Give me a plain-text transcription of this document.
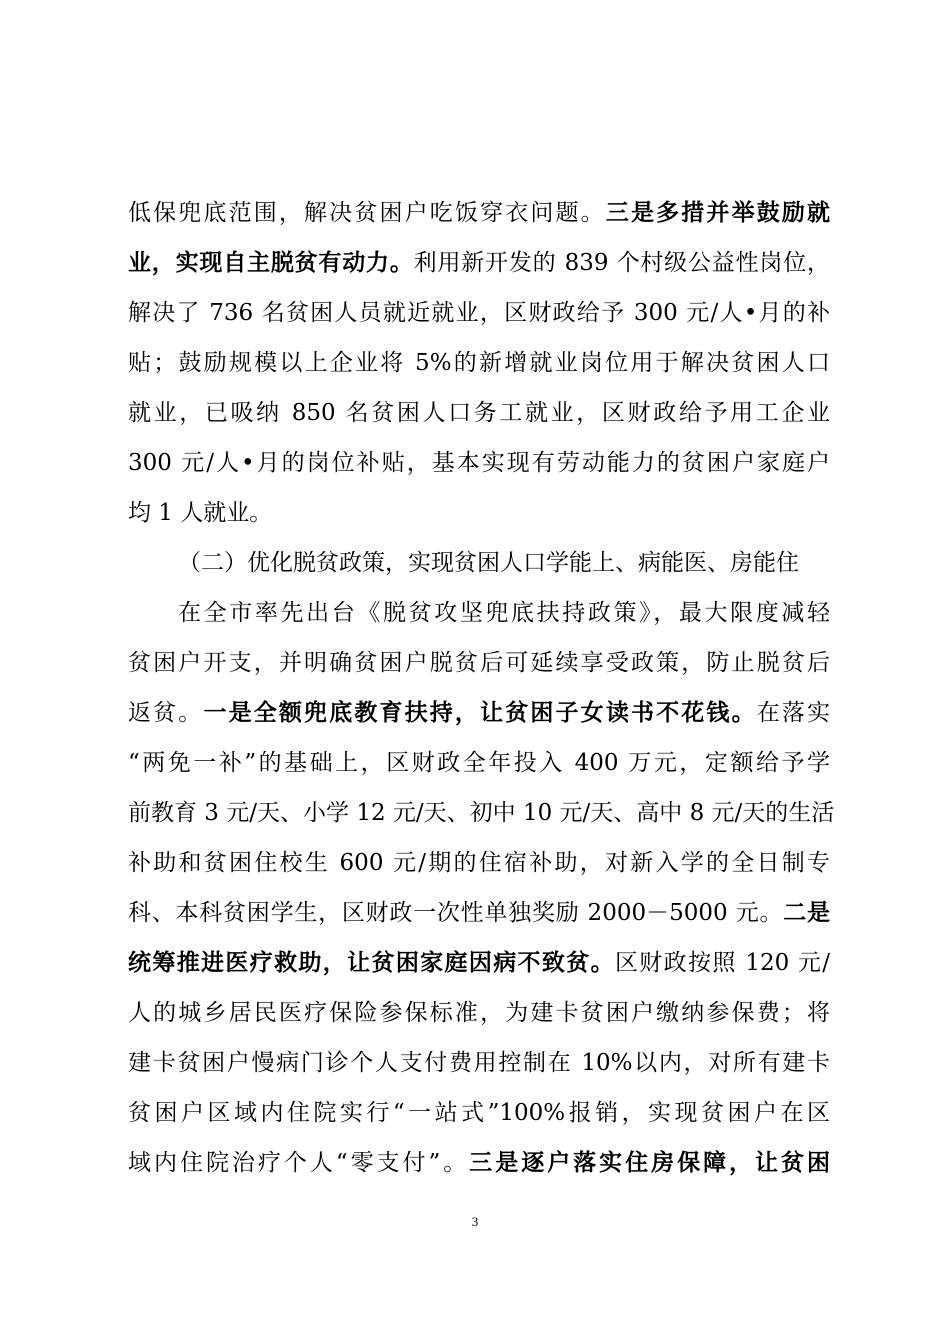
低保兜底范围，解决贫困户吃饭穿衣问题。三是多措并举鼓励就
业，实现自主脱贫有动力。利用新开发的 839 个村级公益性岗位，
解决了 736 名贫困人员就近就业，区财政给予 300 元/人•月的补
贴；鼓励规模以上企业将 5%的新增就业岗位用于解决贫困人口
就业，已吸纳 850 名贫困人口务工就业，区财政给予用工企业
300 元/人•月的岗位补贴，基本实现有劳动能力的贫困户家庭户
均 1 人就业。
（二）优化脱贫政策，实现贫困人口学能上、病能医、房能住
在全市率先出台《脱贫攻坚兜底扶持政策》，最大限度减轻
贫困户开支，并明确贫困户脱贫后可延续享受政策，防止脱贫后
返贫。一是全额兜底教育扶持，让贫困子女读书不花钱。在落实
“两免一补”的基础上，区财政全年投入 400 万元，定额给予学
前教育 3 元/天、小学 12 元/天、初中 10 元/天、高中 8 元/天的生活
补助和贫困住校生 600 元/期的住宿补助，对新入学的全日制专
科、本科贫困学生，区财政一次性单独奖励 2000－5000 元。二是
统筹推进医疗救助，让贫困家庭因病不致贫。区财政按照 120 元/
人的城乡居民医疗保险参保标准，为建卡贫困户缴纳参保费；将
建卡贫困户慢病门诊个人支付费用控制在 10%以内，对所有建卡
贫困户区域内住院实行“一站式”100%报销，实现贫困户在区
域内住院治疗个人“零支付”。三是逐户落实住房保障，让贫困
3
